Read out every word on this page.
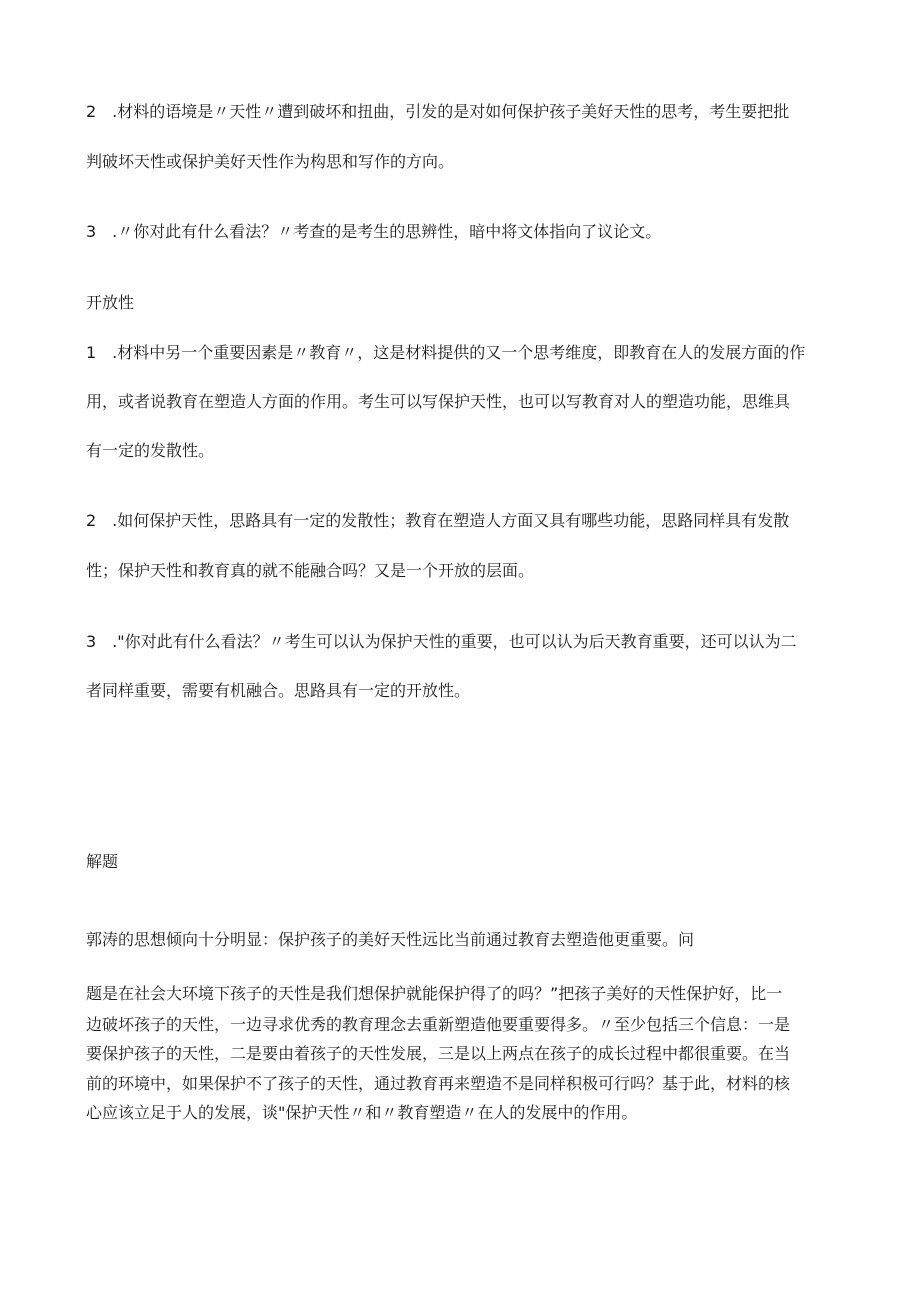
2　.材料的语境是〃天性〃遭到破坏和扭曲，引发的是对如何保护孩子美好天性的思考，考生要把批
判破坏天性或保护美好天性作为构思和写作的方向。
3　.〃你对此有什么看法？〃考查的是考生的思辨性，暗中将文体指向了议论文。
开放性
1　.材料中另一个重要因素是〃教育〃，这是材料提供的又一个思考维度，即教育在人的发展方面的作
用，或者说教育在塑造人方面的作用。考生可以写保护天性，也可以写教育对人的塑造功能，思维具
有一定的发散性。
2　.如何保护天性，思路具有一定的发散性；教育在塑造人方面又具有哪些功能，思路同样具有发散
性；保护天性和教育真的就不能融合吗？又是一个开放的层面。
3　."你对此有什么看法？〃考生可以认为保护天性的重要，也可以认为后天教育重要，还可以认为二
者同样重要，需要有机融合。思路具有一定的开放性。
解题
郭涛的思想倾向十分明显：保护孩子的美好天性远比当前通过教育去塑造他更重要。问
题是在社会大环境下孩子的天性是我们想保护就能保护得了的吗？”把孩子美好的天性保护好，比一
边破坏孩子的天性，一边寻求优秀的教育理念去重新塑造他要重要得多。〃至少包括三个信息：一是
要保护孩子的天性，二是要由着孩子的天性发展，三是以上两点在孩子的成长过程中都很重要。在当
前的环境中，如果保护不了孩子的天性，通过教育再来塑造不是同样积极可行吗？基于此，材料的核
心应该立足于人的发展，谈"保护天性〃和〃教育塑造〃在人的发展中的作用。
